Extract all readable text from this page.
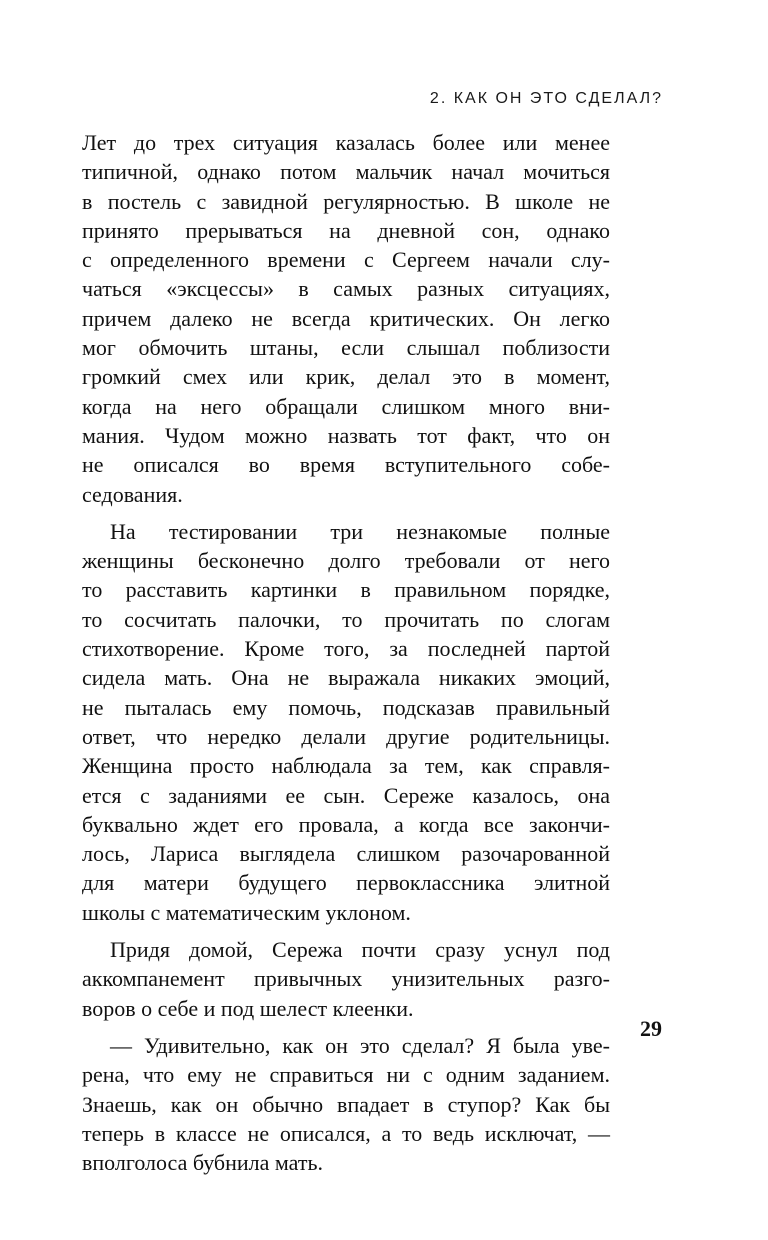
2. КАК ОН ЭТО СДЕЛАЛ?
Лет до трех ситуация казалась более или менее
типичной, однако потом мальчик начал мочиться
в постель с завидной регулярностью. В школе не
принято прерываться на дневной сон, однако
с определенного времени с Сергеем начали слу-
чаться «эксцессы» в самых разных ситуациях,
причем далеко не всегда критических. Он легко
мог обмочить штаны, если слышал поблизости
громкий смех или крик, делал это в момент,
когда на него обращали слишком много вни-
мания. Чудом можно назвать тот факт, что он
не описался во время вступительного собе-
седования.
На тестировании три незнакомые полные
женщины бесконечно долго требовали от него
то расставить картинки в правильном порядке,
то сосчитать палочки, то прочитать по слогам
стихотворение. Кроме того, за последней партой
сидела мать. Она не выражала никаких эмоций,
не пыталась ему помочь, подсказав правильный
ответ, что нередко делали другие родительницы.
Женщина просто наблюдала за тем, как справля-
ется с заданиями ее сын. Сереже казалось, она
буквально ждет его провала, а когда все закончи-
лось, Лариса выглядела слишком разочарованной
для матери будущего первоклассника элитной
школы с математическим уклоном.
Придя домой, Сережа почти сразу уснул под
аккомпанемент привычных унизительных разго-
воров о себе и под шелест клеенки.
— Удивительно, как он это сделал? Я была уве-
рена, что ему не справиться ни с одним заданием.
Знаешь, как он обычно впадает в ступор? Как бы
теперь в классе не описался, а то ведь исключат, —
вполголоса бубнила мать.
29
